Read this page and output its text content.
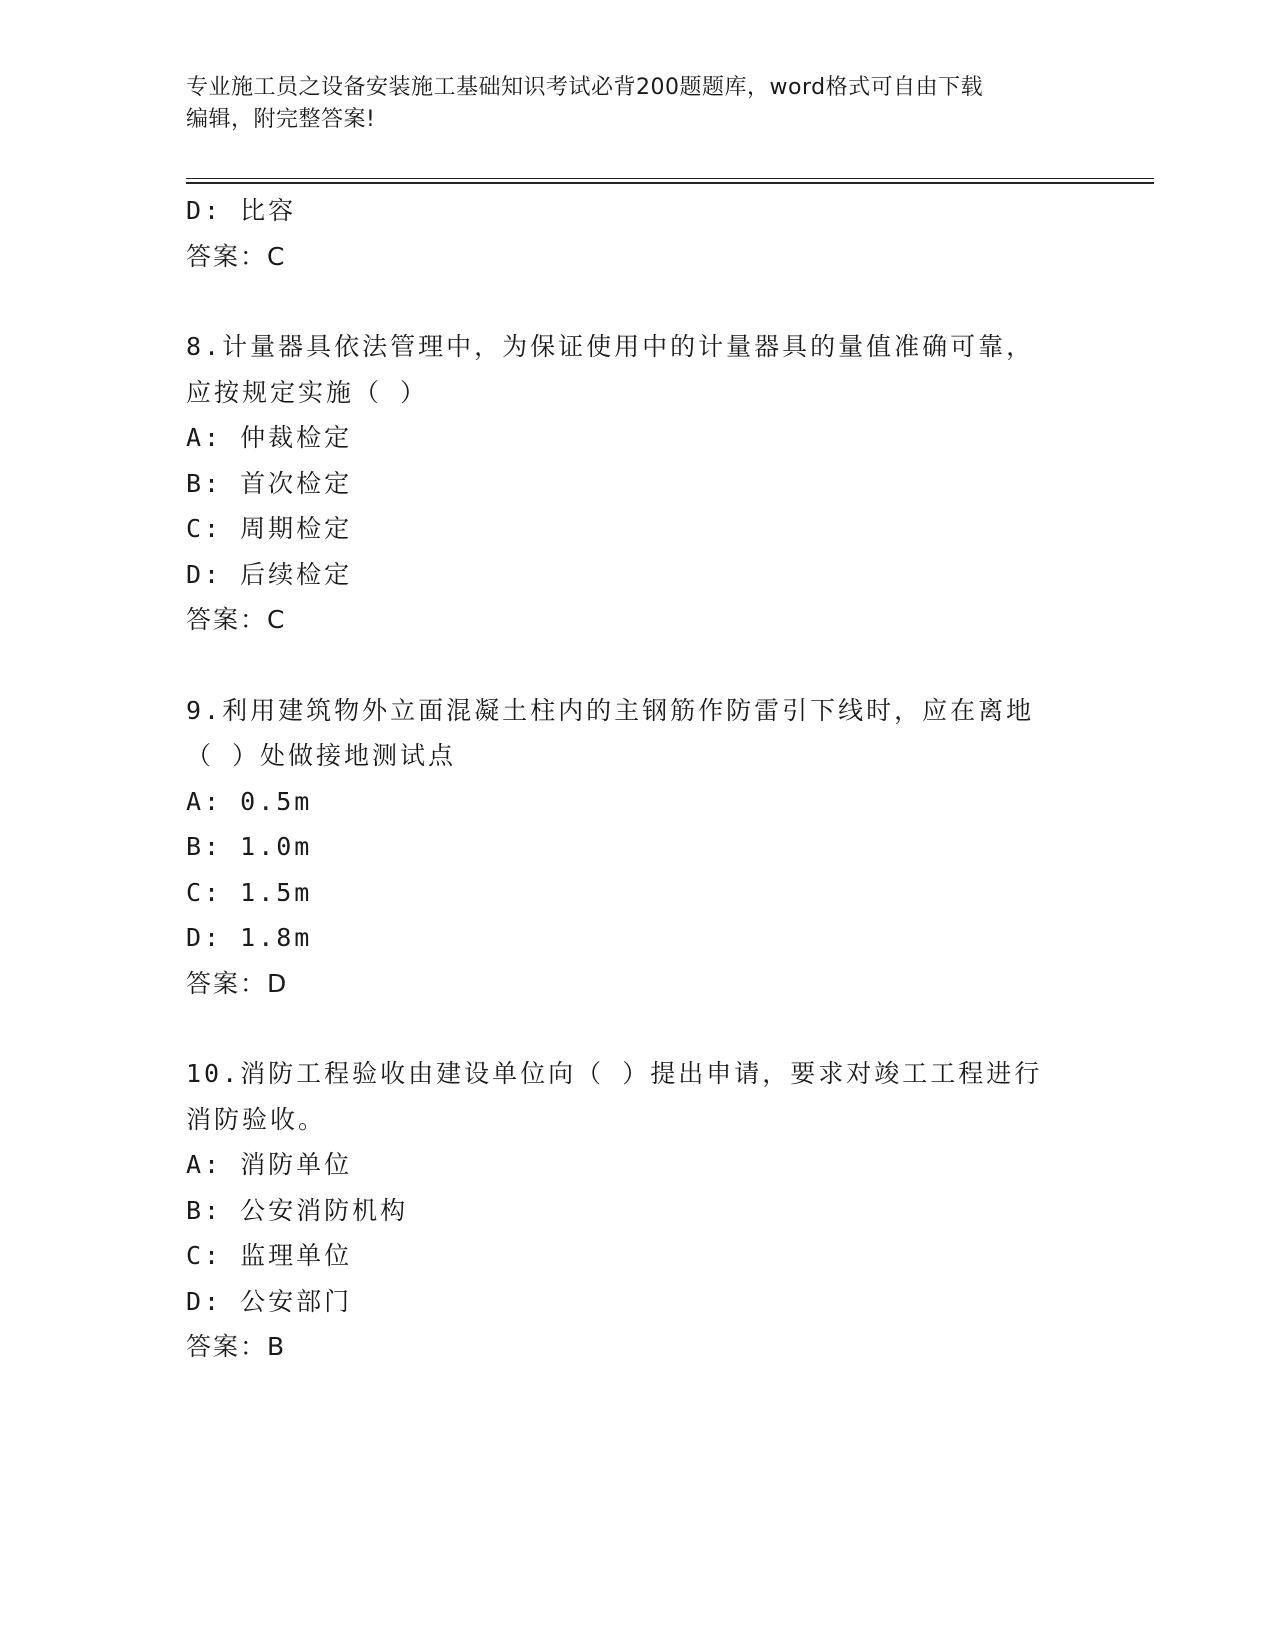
专业施工员之设备安装施工基础知识考试必背200题题库，word格式可自由下载
编辑，附完整答案!
D: 比容
答案：C
8.计量器具依法管理中，为保证使用中的计量器具的量值准确可靠，
应按规定实施（ ）
A: 仲裁检定
B: 首次检定
C: 周期检定
D: 后续检定
答案：C
9.利用建筑物外立面混凝土柱内的主钢筋作防雷引下线时，应在离地
（ ）处做接地测试点
A: 0.5m
B: 1.0m
C: 1.5m
D: 1.8m
答案：D
10.消防工程验收由建设单位向（ ）提出申请，要求对竣工工程进行
消防验收。
A: 消防单位
B: 公安消防机构
C: 监理单位
D: 公安部门
答案：B
